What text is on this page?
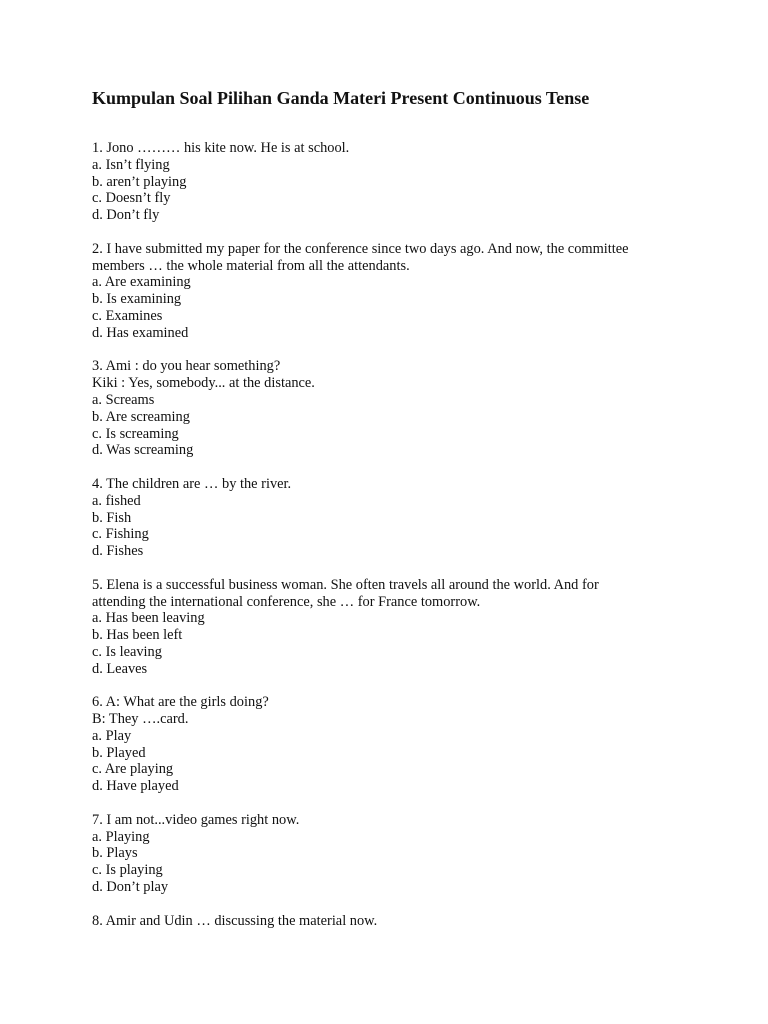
Kumpulan Soal Pilihan Ganda Materi Present Continuous Tense
1. Jono ……… his kite now. He is at school.
a. Isn’t flying
b. aren’t playing
c. Doesn’t fly
d. Don’t fly
2. I have submitted my paper for the conference since two days ago. And now, the committee
members … the whole material from all the attendants.
a. Are examining
b. Is examining
c. Examines
d. Has examined
3. Ami : do you hear something?
Kiki : Yes, somebody... at the distance.
a. Screams
b. Are screaming
c. Is screaming
d. Was screaming
4. The children are … by the river.
a. fished
b. Fish
c. Fishing
d. Fishes
5. Elena is a successful business woman. She often travels all around the world. And for
attending the international conference, she … for France tomorrow.
a. Has been leaving
b. Has been left
c. Is leaving
d. Leaves
6. A: What are the girls doing?
B: They ….card.
a. Play
b. Played
c. Are playing
d. Have played
7. I am not...video games right now.
a. Playing
b. Plays
c. Is playing
d. Don’t play
8. Amir and Udin … discussing the material now.
